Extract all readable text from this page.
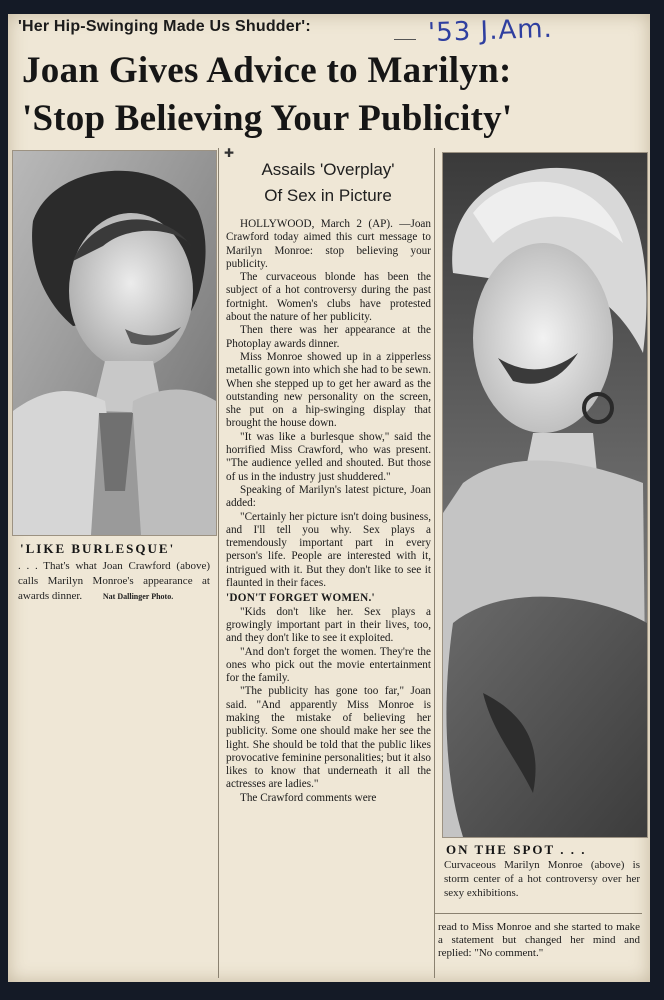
'Her Hip-Swinging Made Us Shudder':	'53 J.Am.
Joan Gives Advice to Marilyn:
'Stop Believing Your Publicity'
'LIKE BURLESQUE'
. . . That's what Joan Crawford (above) calls Marilyn Monroe's appearance at awards dinner.	Nat Dallinger Photo.
✚
Assails 'Overplay'
Of Sex in Picture

HOLLYWOOD, March 2 (AP). —Joan Crawford today aimed this curt message to Marilyn Monroe: stop believing your publicity.

The curvaceous blonde has been the subject of a hot controversy during the past fortnight. Women's clubs have protested about the nature of her publicity.

Then there was her appearance at the Photoplay awards dinner.

Miss Monroe showed up in a zipperless metallic gown into which she had to be sewn. When she stepped up to get her award as the outstanding new personality on the screen, she put on a hip-swinging display that brought the house down.

"It was like a burlesque show," said the horrified Miss Crawford, who was present. "The audience yelled and shouted. But those of us in the industry just shuddered."

Speaking of Marilyn's latest picture, Joan added:

"Certainly her picture isn't doing business, and I'll tell you why. Sex plays a tremendously important part in every person's life. People are interested with it, intrigued with it. But they don't like to see it flaunted in their faces.

'DON'T FORGET WOMEN.'

"Kids don't like her. Sex plays a growingly important part in their lives, too, and they don't like to see it exploited.

"And don't forget the women. They're the ones who pick out the movie entertainment for the family.

"The publicity has gone too far," Joan said. "And apparently Miss Monroe is making the mistake of believing her publicity. Some one should make her see the light. She should be told that the public likes provocative feminine personalities; but it also likes to know that underneath it all the actresses are ladies."

The Crawford comments were

ON THE SPOT . . .
Curvaceous Marilyn Monroe (above) is storm center of a hot controversy over her sexy exhibitions.
read to Miss Monroe and she started to make a statement but changed her mind and replied: "No comment."
